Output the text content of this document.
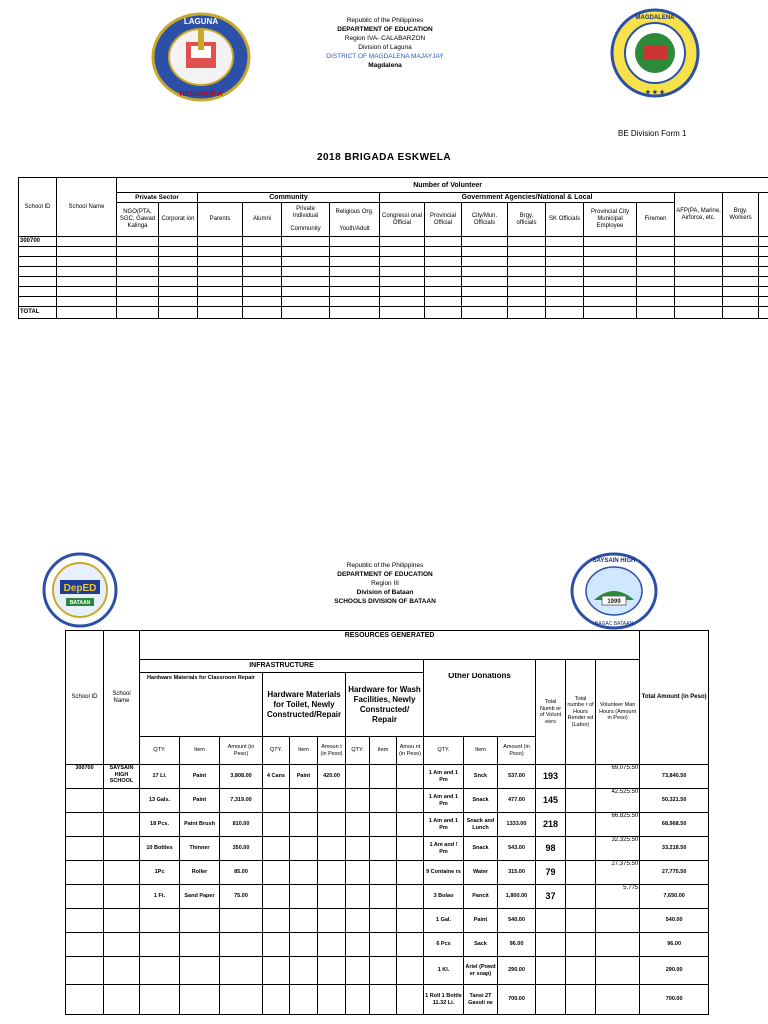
LAGUNA
REGION IV A
Republic of the Philippines
DEPARTMENT OF EDUCATION
Region IVA- CALABARZON
Division of Laguna
DISTRICT OF MAGDALENA MAJAYJAY
Magdalena
MAGDALENA
★ ★ ★
BE Division Form 1
2018 BRIGADA ESKWELA
School ID	School Name	Number of Volunteer															
		Private Sector		Community				Government Agencies/National & Local							AFP(PA, Marine, Airforce, etc.	Brgy. Workers	
		NGO(PTA, SGC, Gawad Kalinga	Corporat ion	Parents	Alumni	Private Individual	Religious Org.	Congressi onal Official	Provincial Official	City/Mun. Officials	Brgy. officials	SK Officials	Provincial City Municipal Employee	Firemen			
						Community	Youth/Adult										
300700																	

TOTAL																	
DepED
BATAAN
Republic of the Philippines
DEPARTMENT OF EDUCATION
Region III
Division of Bataan
SCHOOLS DIVISION OF BATAAN	1999
SAYSAIN HIGH
BAGAC BATAAN
School ID	School Name	RESOURCES GENERATED															Total Amount (in Peso)
		INFRASTRUCTURE												Total Numb er of Volunt eers	Total numbe r of Hours Render ed (Labor)	Volunteer Man Hours (Amount in Peso)	
		Hardware Materials for Classroom Repair			Hardware Materials for Toilet, Newly Constructed/Repair			Hardware for Wash Facilities, Newly Constructed/ Repair			Other Donations						
		QTY.	Item	Amount (in Peso)	QTY.	Item	Amoun t (in Peso)	QTY.	Item	Amou nt (in Peso)	QTY.	Item	Amount (in Peso)				
300700	SAYSAIN HIGH SCHOOL	17 Li.	Paint	3,808.00	4 Cans	Paint	420.00				1 Am and 1 Pm	Snck	537.00	193		69,075.50	73,840.50
		13 Gals.	Paint	7,319.00							1 Am and 1 Pm	Snack	477.00	145		42,525.50	50,321.50
		18 Pcs.	Paint Brush	810.00							1 Am and 1 Pm	Snack and Lunch	1333.00	218		66,825.50	68,968.50
		10 Bottles	Thinner	350.00							1 Am and ! Pm	Snack	543.00	98		32,325.50	33,218.50
		1Pc	Roller	85.00							9 Containe rs	Water	315.00	79		27,375.50	27,775.50
		1 Ft.	Sand Paper	75.00							3 Bolao	Pancit	1,800.00	37		5,775	7,650.00
											1 Gal.	Paint	540.00				540.00
											6 Pcs	Sack	96.00				96.00
											1 Kl.	Ariel (Powd er soap)	290.00				290.00
											1 Roll 1 Bottle 11.32 Li.	Tansi 2T Gasoli ne	700.00				700.00
